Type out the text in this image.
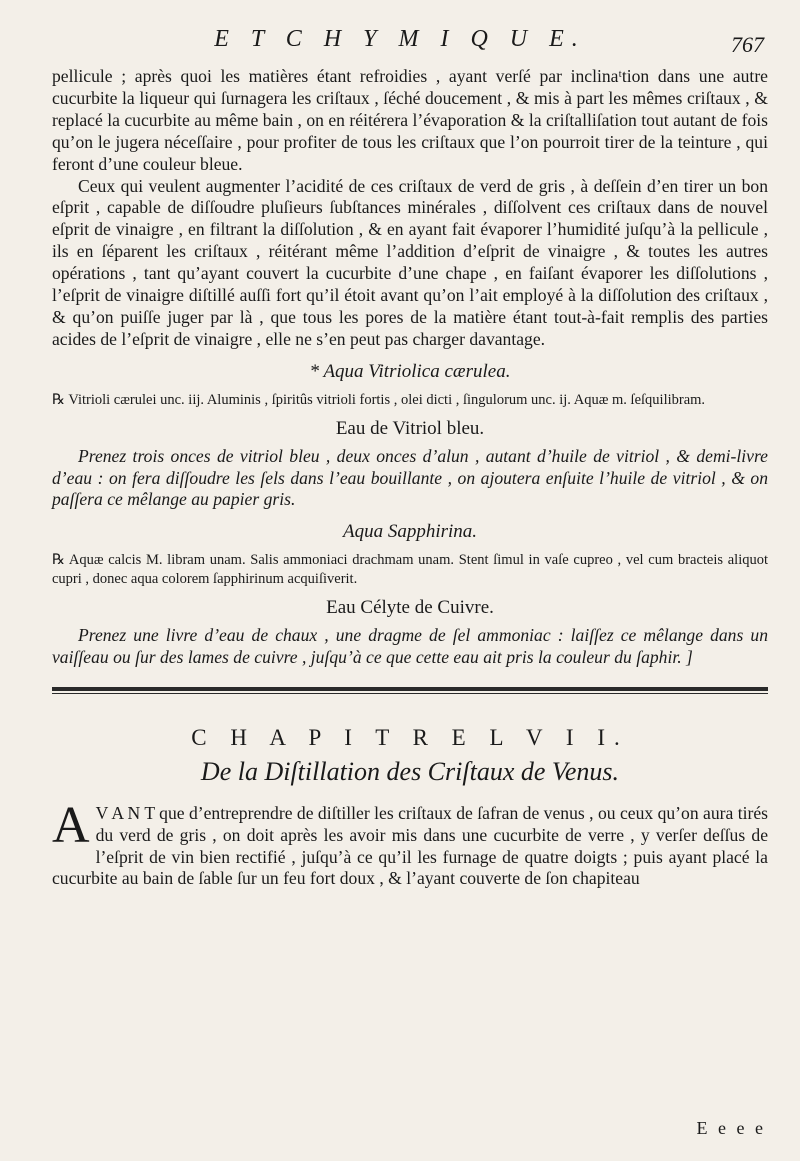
E T C H Y M I Q U E.	767

pellicule ; après quoi les matières étant refroidies , ayant verſé par inclinaᵗtion dans une autre cucurbite la liqueur qui ſurnagera les criſtaux , ſéché doucement , & mis à part les mêmes criſtaux , & replacé la cucurbite au même bain , on en réitérera l’évaporation & la criſtalliſation tout autant de fois qu’on le jugera néceſſaire , pour profiter de tous les criſtaux que l’on pourroit tirer de la teinture , qui feront d’une couleur bleue.

Ceux qui veulent augmenter l’acidité de ces criſtaux de verd de gris , à deſſein d’en tirer un bon eſprit , capable de diſſoudre pluſieurs ſubſtances minérales , diſſolvent ces criſtaux dans de nouvel eſprit de vinaigre , en filtrant la diſſolution , & en ayant fait évaporer l’humidité juſqu’à la pellicule , ils en ſéparent les criſtaux , réitérant même l’addition d’eſprit de vinaigre , & toutes les autres opérations , tant qu’ayant couvert la cucurbite d’une chape , en faiſant évaporer les diſſolutions , l’eſprit de vinaigre diſtillé auſſi fort qu’il étoit avant qu’on l’ait employé à la diſſolution des criſtaux , & qu’on puiſſe juger par là , que tous les pores de la matière étant tout-à-fait remplis des parties acides de l’eſprit de vinaigre , elle ne s’en peut pas charger davantage.

* Aqua Vitriolica cærulea.

℞ Vitrioli cærulei unc. iij. Aluminis , ſpiritûs vitrioli fortis , olei dicti , ſingulorum unc. ij. Aquæ m. ſeſquilibram.

Eau de Vitriol bleu.

Prenez trois onces de vitriol bleu , deux onces d’alun , autant d’huile de vitriol , & demi-livre d’eau : on fera diſſoudre les ſels dans l’eau bouillante , on ajoutera enſuite l’huile de vitriol , & on paſſera ce mêlange au papier gris.

Aqua Sapphirina.

℞ Aquæ calcis M. libram unam. Salis ammoniaci drachmam unam. Stent ſimul in vaſe cupreo , vel cum bracteis aliquot cupri , donec aqua colorem ſapphirinum acquiſiverit.

Eau Célyte de Cuivre.

Prenez une livre d’eau de chaux , une dragme de ſel ammoniac : laiſſez ce mêlange dans un vaiſſeau ou ſur des lames de cuivre , juſqu’à ce que cette eau ait pris la couleur du ſaphir. ]

C H A P I T R E L V I I.

De la Diſtillation des Criſtaux de Venus.

A V A N T que d’entreprendre de diſtiller les criſtaux de ſafran de venus , ou ceux qu’on aura tirés du verd de gris , on doit après les avoir mis dans une cucurbite de verre , y verſer deſſus de l’eſprit de vin bien rectifié , juſqu’à ce qu’il les furnage de quatre doigts ; puis ayant placé la cucurbite au bain de ſable ſur un feu fort doux , & l’ayant couverte de ſon chapiteau

E e e e
